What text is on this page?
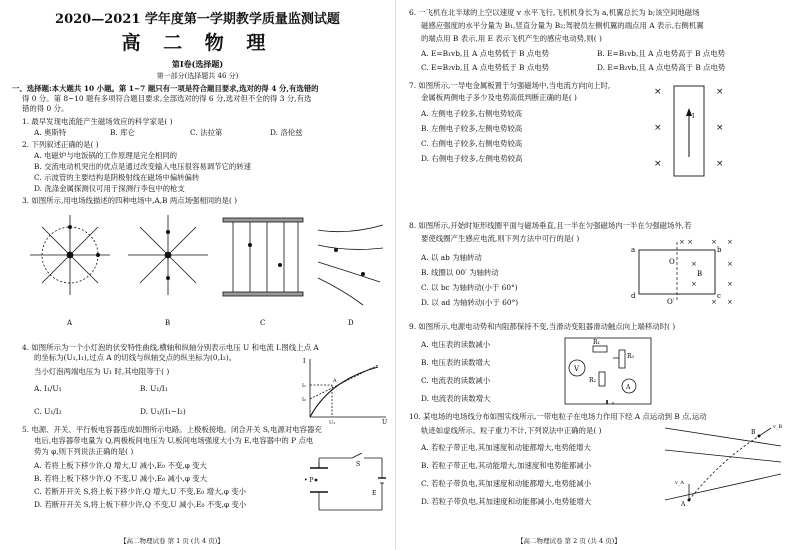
2020—2021 学年度第一学期教学质量监测试题
高 二 物 理
第Ⅰ卷(选择题)
第一部分(选择题共 46 分)
一、选择题:本大题共 10 小题。第 1~7 题只有一项是符合题目要求,选对的得 4 分,有选错的
得 0 分。第 8~10 题有多项符合题目要求,全部选对的得 6 分,选对但不全的得 3 分,有选
错的得 0 分。
1. 最早发现电流能产生磁场效应的科学家是( )
A. 奥斯特	B. 库仑	C. 法拉第	D. 洛伦兹
2. 下列叙述正确的是( )
A. 电磁炉与电饭锅的工作原理是完全相同的
B. 交流电动机突出的优点是通过改变输入电压很容易调节它的转速
C. 示波管的主要结构是阴极射线在磁场中偏转偏转
D. 洗涤金属探测仪可用于探测行李包中的枪支
3. 如图所示,用电场线描述的四种电场中,A,B 两点场强相同的是( )
A	B	C	D
4. 如图所示为一个小灯泡的伏安特性曲线,横轴和纵轴分别表示电压 U 和电流 I.图线上点 A
的坐标为(U₁,I₁),过点 A 的切线与纵轴交点的纵坐标为(0,I₂)。
当小灯泡两端电压为 U₁ 时,其电阻等于( )
A. I₁/U₁	B. U₁/I₁
C. U₁/I₂	D. U₁/(I₁−I₂)
I
U
I₁
I₂
U₁
A
5. 电源、开关、平行板电容器连成如图所示电路。上极板接地。闭合开关 S,电源对电容器充
电后,电容器带电量为 Q,两极板间电压为 U,板间电场强度大小为 E,电容器中的 P 点电
势为 φ,则下列说法正确的是( )
A. 若将上板下移少许,Q 增大,U 减小,E₀ 不变,φ 变大
B. 若将上板下移少许,Q 不变,U 减小,E₀ 减小,φ 变大
C. 若断开开关 S,将上板下移少许,Q 增大,U 不变,E₀ 增大,φ 变小
D. 若断开开关 S,将上板下移少许,Q 不变,U 减小,E₀ 不变,φ 变小
• P
S
E
【高二物理试卷 第 1 页 (共 4 页)】
6. 一飞机在北半球的上空以速度 v 水平飞行,飞机机身长为 a,机翼总长为 b;该空间地磁场
磁感应强度的水平分量为 B₁,竖直分量为 B₂;驾驶员左侧机翼的端点用 A 表示,右侧机翼
的端点用 B 表示,用 E 表示飞机产生的感应电动势,则( )
A. E=B₁vb,且 A 点电势低于 B 点电势	B. E=B₁vb,且 A 点电势高于 B 点电势
C. E=B₂vb,且 A 点电势低于 B 点电势	D. E=B₂vb,且 A 点电势高于 B 点电势
7. 如图所示,一导电金属板置于匀强磁场中,当电流方向向上时,
金属板两侧电子多少及电势高低判断正确的是( )
A. 左侧电子较多,右侧电势较高
B. 左侧电子较多,左侧电势较高
C. 右侧电子较多,右侧电势较高
D. 右侧电子较多,左侧电势较高
×	×
×	×
×	×
I
8. 如图所示,开始时矩形线圈平面与磁场垂直,且一半在匀强磁场内一半在匀强磁场外,若
要使线圈产生感应电流,则下列方法中可行的是( )
A. 以 ab 为轴转动
B. 线圈以 00′ 为轴转动
C. 以 bc 为轴转动(小于 60°)
D. 以 ad 为轴转动(小于 60°)
× ×	× ×
×	×
×	×
× ×
a
d
b
c
O
O′
B
9. 如图所示,电源电动势和内阻都保持不变,当滑动变阻器滑动触点向上端移动时( )
A. 电压表的读数减小
B. 电压表的读数增大
C. 电流表的读数减小
D. 电流表的读数增大
V
A
R₁
R₃
R₂
10. 某电场的电场线分布如图实线所示,一带电粒子在电场力作用下经 A 点运动到 B 点,运动
轨迹如虚线所示。粒子重力不计,下列说法中正确的是( )
A. 若粒子带正电,其加速度和动能都增大,电势能增大
B. 若粒子带正电,其动能增大,加速度和电势能都减小
C. 若粒子带负电,其加速度和动能都增大,电势能减小
D. 若粒子带负电,其加速度和动能都减小,电势能增大	A
B
v_B
v_A
【高二物理试卷 第 2 页 (共 4 页)】
